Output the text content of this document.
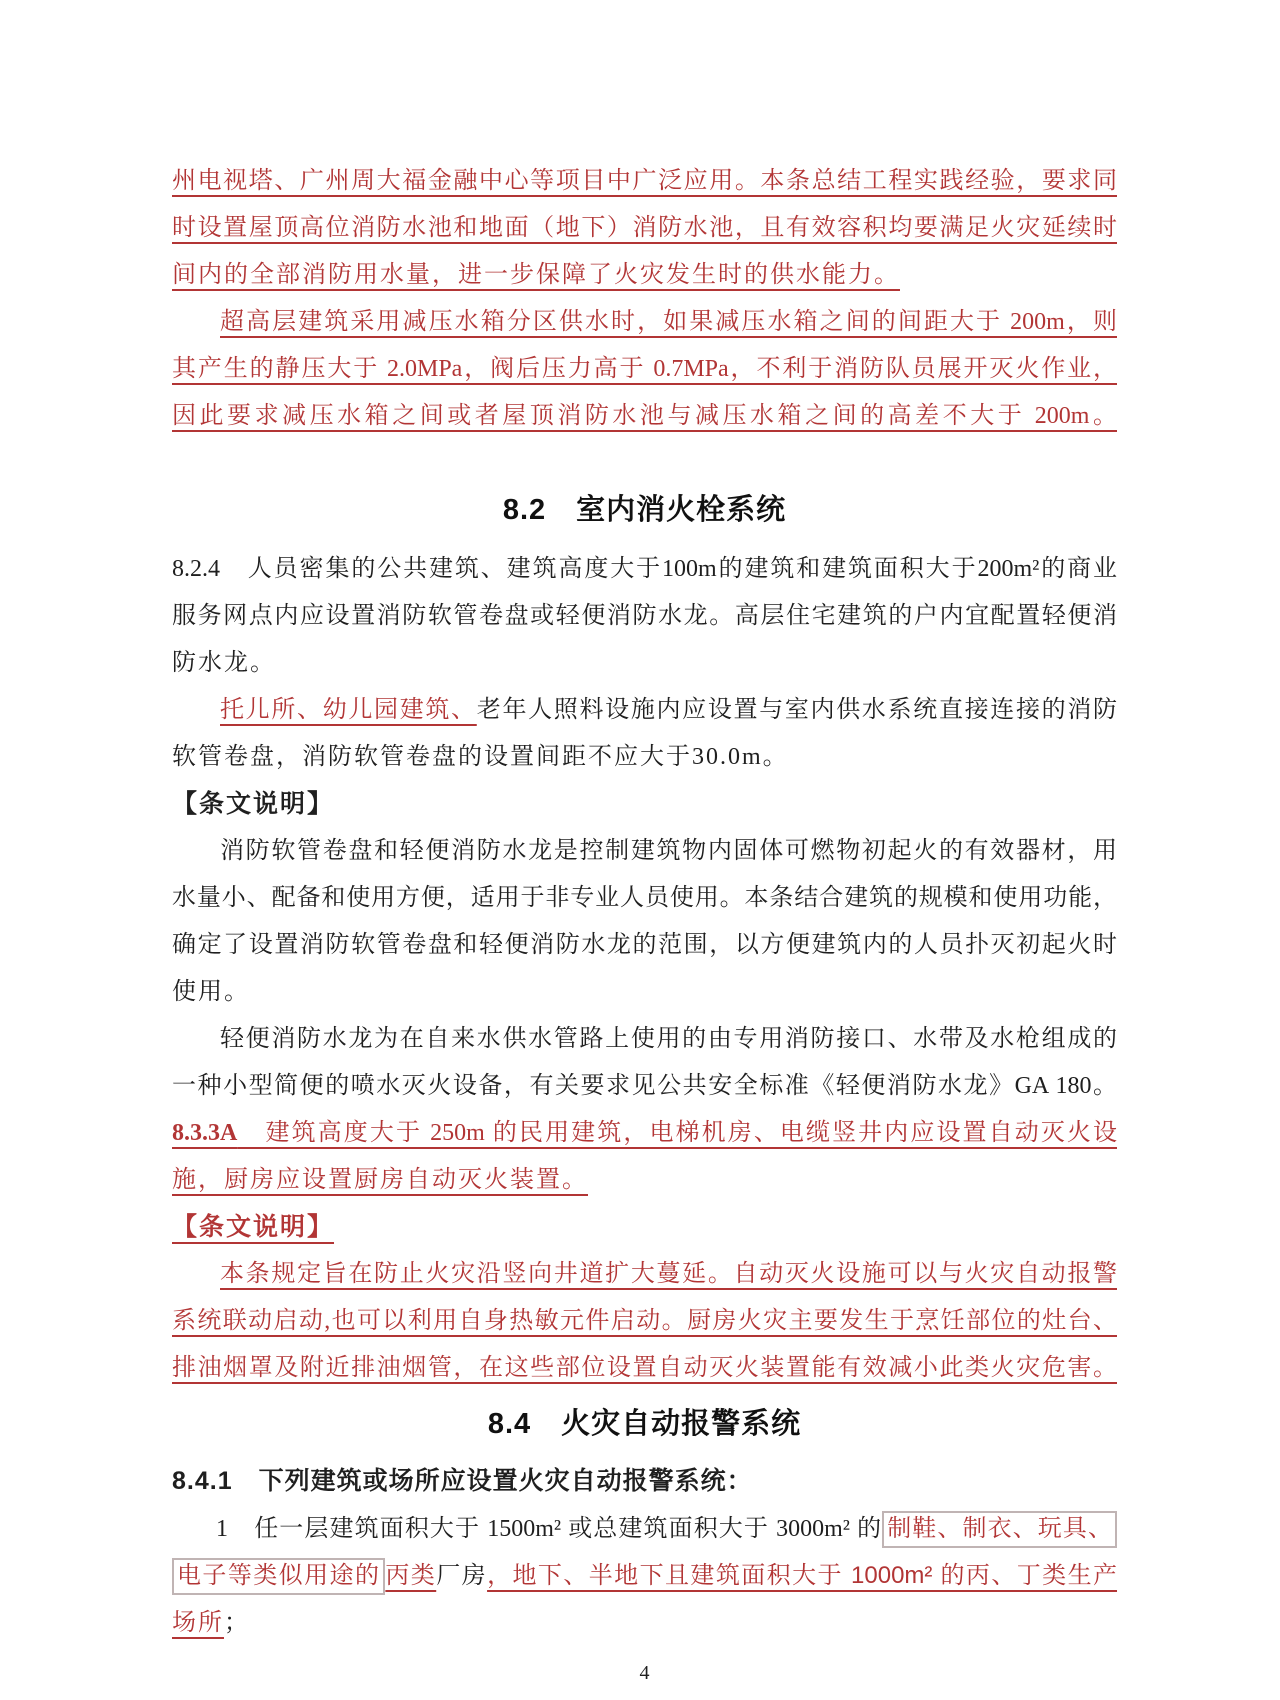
州电视塔、广州周大福金融中心等项目中广泛应用。本条总结工程实践经验，要求同
时设置屋顶高位消防水池和地面（地下）消防水池，且有效容积均要满足火灾延续时
间内的全部消防用水量，进一步保障了火灾发生时的供水能力。
超高层建筑采用减压水箱分区供水时，如果减压水箱之间的间距大于 200m，则
其产生的静压大于 2.0MPa，阀后压力高于 0.7MPa，不利于消防队员展开灭火作业，
因此要求减压水箱之间或者屋顶消防水池与减压水箱之间的高差不大于 200m。
8.2　室内消火栓系统
8.2.4　人员密集的公共建筑、建筑高度大于100m的建筑和建筑面积大于200m²的商业
服务网点内应设置消防软管卷盘或轻便消防水龙。高层住宅建筑的户内宜配置轻便消
防水龙。
托儿所、幼儿园建筑、老年人照料设施内应设置与室内供水系统直接连接的消防
软管卷盘，消防软管卷盘的设置间距不应大于30.0m。
【条文说明】
消防软管卷盘和轻便消防水龙是控制建筑物内固体可燃物初起火的有效器材，用
水量小、配备和使用方便，适用于非专业人员使用。本条结合建筑的规模和使用功能，
确定了设置消防软管卷盘和轻便消防水龙的范围，以方便建筑内的人员扑灭初起火时
使用。
轻便消防水龙为在自来水供水管路上使用的由专用消防接口、水带及水枪组成的
一种小型简便的喷水灭火设备，有关要求见公共安全标准《轻便消防水龙》GA 180。
8.3.3A　建筑高度大于 250m 的民用建筑，电梯机房、电缆竖井内应设置自动灭火设
施，厨房应设置厨房自动灭火装置。
【条文说明】
本条规定旨在防止火灾沿竖向井道扩大蔓延。自动灭火设施可以与火灾自动报警
系统联动启动,也可以利用自身热敏元件启动。厨房火灾主要发生于烹饪部位的灶台、
排油烟罩及附近排油烟管，在这些部位设置自动灭火装置能有效减小此类火灾危害。
8.4　火灾自动报警系统
8.4.1　下列建筑或场所应设置火灾自动报警系统：
1　任一层建筑面积大于 1500m² 或总建筑面积大于 3000m² 的 制鞋、制衣、玩具、
电子等类似用途的 丙类厂房，地下、半地下且建筑面积大于 1000m² 的丙、丁类生产
场所；
4
